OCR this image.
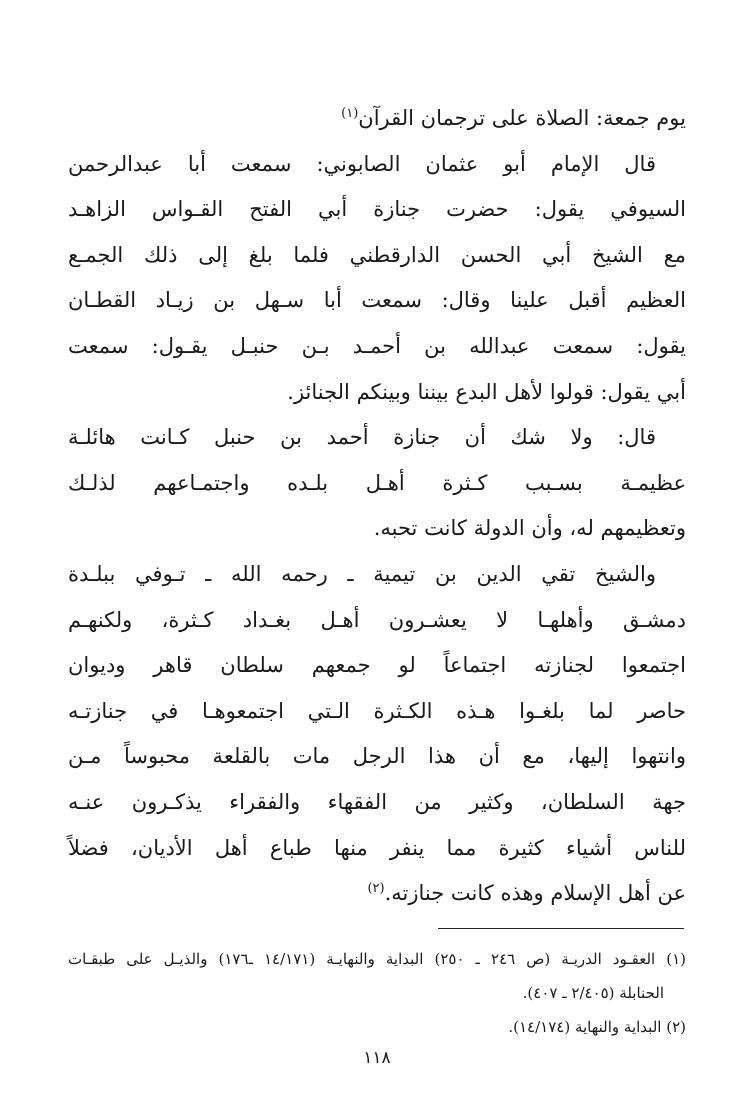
يوم جمعة: الصلاة على ترجمان القرآن$^{(١)}$
قال الإمام أبو عثمان الصابوني: سمعت أبا عبدالرحمن
السيوفي يقول: حضرت جنازة أبي الفتح القـواس الزاهـد
مع الشيخ أبي الحسن الدارقطني فلما بلغ إلى ذلك الجمـع
العظيم أقبل علينا وقال: سمعت أبا سـهل بن زيـاد القطـان
يقول: سمعت عبدالله بن أحمـد بـن حنبـل يقـول: سمعت
أبي يقول: قولوا لأهل البدع بيننا وبينكم الجنائز.
قال: ولا شك أن جنازة أحمد بن حنبل كـانت هائلـة
عظيمـة بسـبب كـثرة أهـل بلـده واجتمـاعهم لذلـك
وتعظيمهم له، وأن الدولة كانت تحبه.
والشيخ تقي الدين بن تيمية ـ رحمه الله ـ تـوفي ببلـدة
دمشـق وأهلهـا لا يعشـرون أهـل بغـداد كـثرة، ولكنهـم
اجتمعوا لجنازته اجتماعاً لو جمعهم سلطان قاهر وديوان
حاصر لما بلغـوا هـذه الكـثرة الـتي اجتمعوهـا في جنازتـه
وانتهوا إليها، مع أن هذا الرجل مات بالقلعة محبوساً مـن
جهة السلطان، وكثير من الفقهاء والفقراء يذكـرون عنـه
للناس أشياء كثيرة مما ينفر منها طباع أهل الأديان، فضلاً
عن أهل الإسلام وهذه كانت جنازته.$^{(٢)}$
(١) العقـود الدريـة (ص ٢٤٦ ـ ٢٥٠) البداية والنهايـة (١٤/١٧١ ـ١٧٦) والذيـل على طبقـات
الحنابلة (٢/٤٠٥ ـ ٤٠٧).
(٢) البداية والنهاية (١٤/١٧٤).
١١٨
